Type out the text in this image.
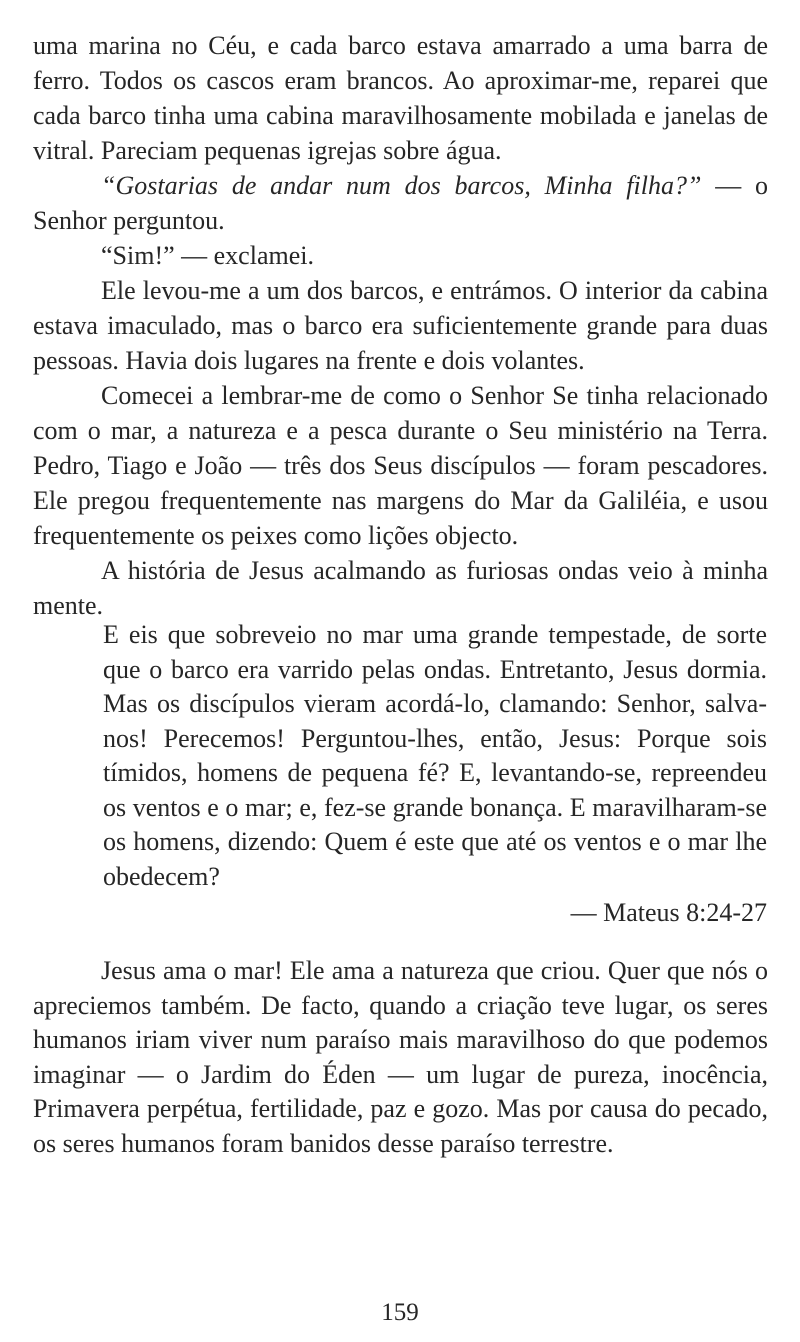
uma marina no Céu, e cada barco estava amarrado a uma barra de ferro. Todos os cascos eram brancos. Ao aproximar-me, reparei que cada barco tinha uma cabina maravilhosamente mobilada e janelas de vitral. Pareciam pequenas igrejas sobre água.

“Gostarias de andar num dos barcos, Minha filha?” — o Senhor perguntou.

“Sim!” — exclamei.

Ele levou-me a um dos barcos, e entrámos. O interior da cabina estava imaculado, mas o barco era suficientemente grande para duas pessoas. Havia dois lugares na frente e dois volantes.

Comecei a lembrar-me de como o Senhor Se tinha relacionado com o mar, a natureza e a pesca durante o Seu ministério na Terra. Pedro, Tiago e João — três dos Seus discípulos — foram pescadores. Ele pregou frequentemente nas margens do Mar da Galiléia, e usou frequentemente os peixes como lições objecto.

A história de Jesus acalmando as furiosas ondas veio à minha mente.

E eis que sobreveio no mar uma grande tempestade, de sorte que o barco era varrido pelas ondas. Entretanto, Jesus dormia. Mas os discípulos vieram acordá-lo, clamando: Senhor, salva-nos! Perecemos! Perguntou-lhes, então, Jesus: Porque sois tímidos, homens de pequena fé? E, levantando-se, repreendeu os ventos e o mar; e, fez-se grande bonança. E maravilharam-se os homens, dizendo: Quem é este que até os ventos e o mar lhe obedecem?

— Mateus 8:24-27

Jesus ama o mar! Ele ama a natureza que criou. Quer que nós o apreciemos também. De facto, quando a criação teve lugar, os seres humanos iriam viver num paraíso mais maravilhoso do que podemos imaginar — o Jardim do Éden — um lugar de pureza, inocência, Primavera perpétua, fertilidade, paz e gozo. Mas por causa do pecado, os seres humanos foram banidos desse paraíso terrestre.

159
